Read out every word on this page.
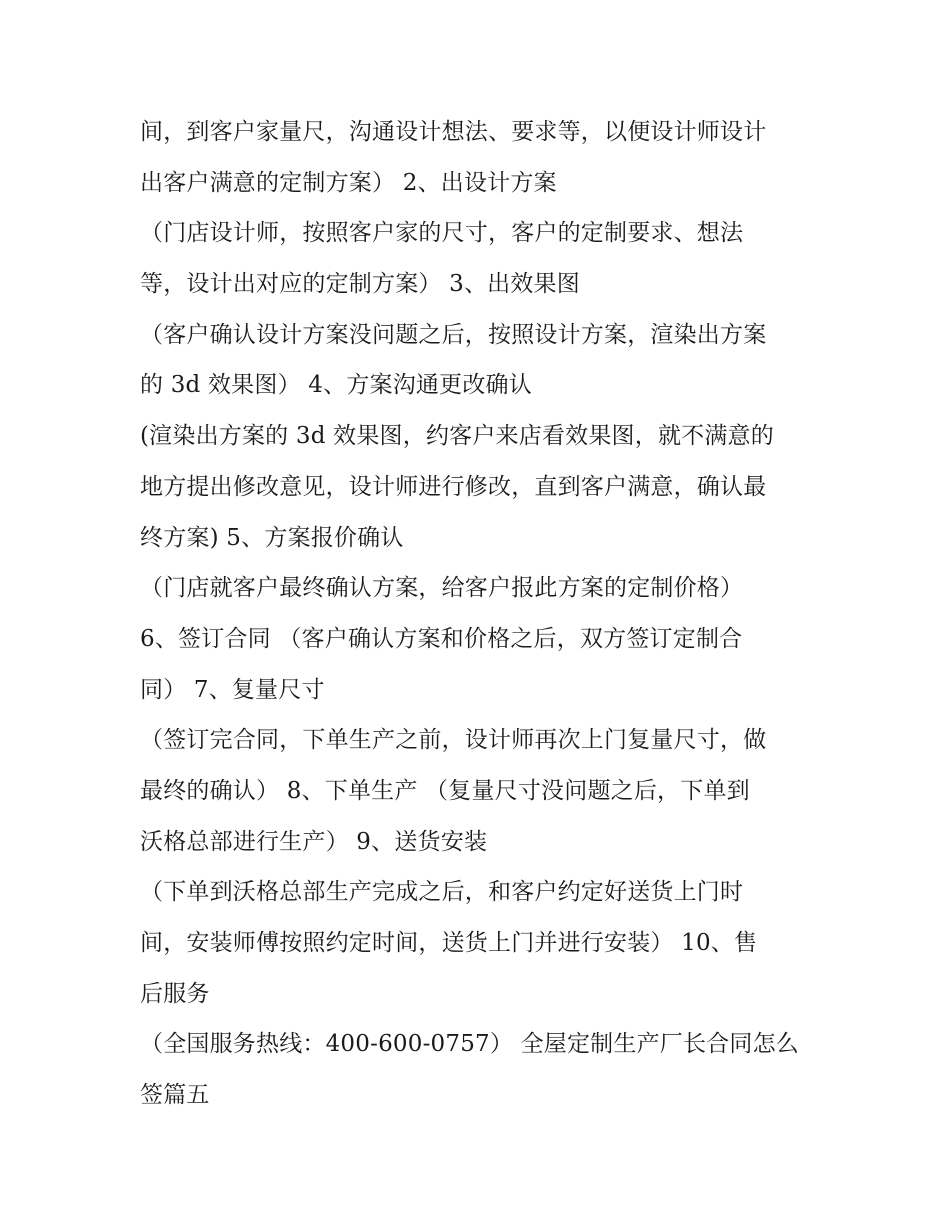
间，到客户家量尺，沟通设计想法、要求等，以便设计师设计
出客户满意的定制方案） 2、出设计方案
（门店设计师，按照客户家的尺寸，客户的定制要求、想法
等，设计出对应的定制方案） 3、出效果图
（客户确认设计方案没问题之后，按照设计方案，渲染出方案
的 3d 效果图） 4、方案沟通更改确认
(渲染出方案的 3d 效果图，约客户来店看效果图，就不满意的
地方提出修改意见，设计师进行修改，直到客户满意，确认最
终方案) 5、方案报价确认
（门店就客户最终确认方案，给客户报此方案的定制价格）
6、签订合同 （客户确认方案和价格之后，双方签订定制合
同） 7、复量尺寸
（签订完合同，下单生产之前，设计师再次上门复量尺寸，做
最终的确认） 8、下单生产 （复量尺寸没问题之后，下单到
沃格总部进行生产） 9、送货安装
（下单到沃格总部生产完成之后，和客户约定好送货上门时
间，安装师傅按照约定时间，送货上门并进行安装） 10、售
后服务
（全国服务热线：400-600-0757） 全屋定制生产厂长合同怎么
签篇五
